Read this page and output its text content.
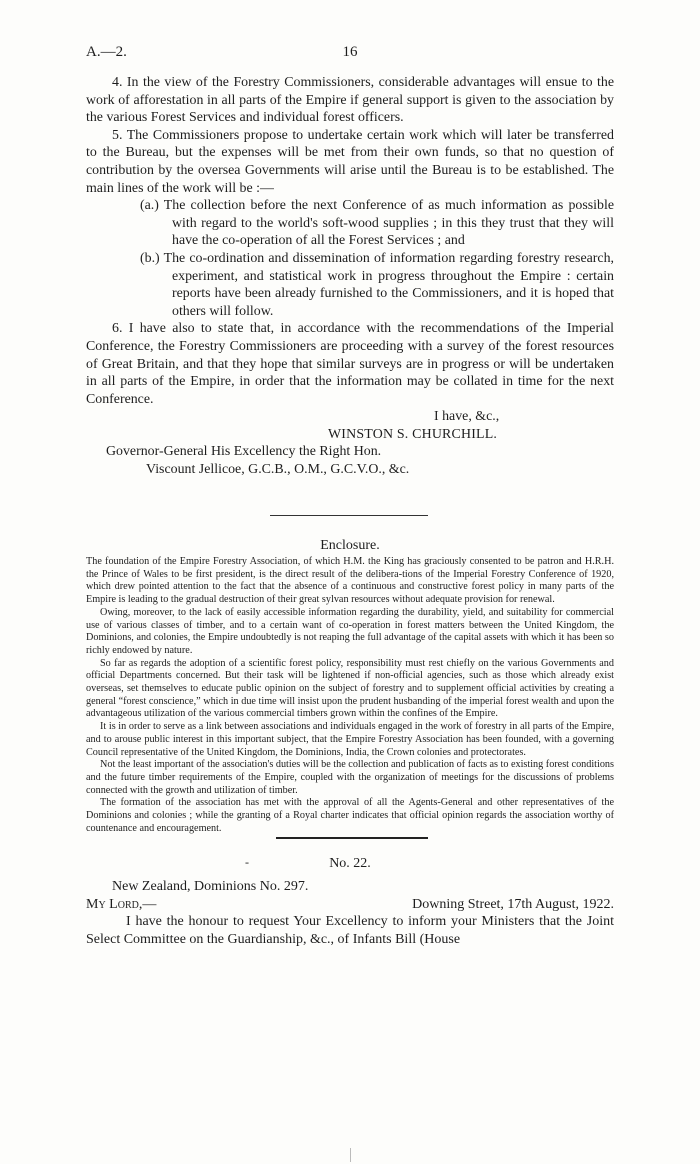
A.—2.	16

4. In the view of the Forestry Commissioners, considerable advantages will ensue to the work of afforestation in all parts of the Empire if general support is given to the association by the various Forest Services and individual forest officers.

5. The Commissioners propose to undertake certain work which will later be transferred to the Bureau, but the expenses will be met from their own funds, so that no question of contribution by the oversea Governments will arise until the Bureau is to be established. The main lines of the work will be :—

(a.) The collection before the next Conference of as much information as possible with regard to the world's soft-wood supplies ; in this they trust that they will have the co-operation of all the Forest Services ; and

(b.) The co-ordination and dissemination of information regarding forestry research, experiment, and statistical work in progress throughout the Empire : certain reports have been already furnished to the Commissioners, and it is hoped that others will follow.

6. I have also to state that, in accordance with the recommendations of the Imperial Conference, the Forestry Commissioners are proceeding with a survey of the forest resources of Great Britain, and that they hope that similar surveys are in progress or will be undertaken in all parts of the Empire, in order that the information may be collated in time for the next Conference.

I have, &c.,

WINSTON S. CHURCHILL.

Governor-General His Excellency the Right Hon.

Viscount Jellicoe, G.C.B., O.M., G.C.V.O., &c.

Enclosure.

The foundation of the Empire Forestry Association, of which H.M. the King has graciously consented to be patron and H.R.H. the Prince of Wales to be first president, is the direct result of the delibera-tions of the Imperial Forestry Conference of 1920, which drew pointed attention to the fact that the absence of a continuous and constructive forest policy in many parts of the Empire is leading to the gradual destruction of their great sylvan resources without adequate provision for renewal.

Owing, moreover, to the lack of easily accessible information regarding the durability, yield, and suitability for commercial use of various classes of timber, and to a certain want of co-operation in forest matters between the United Kingdom, the Dominions, and colonies, the Empire undoubtedly is not reaping the full advantage of the capital assets with which it has been so richly endowed by nature.

So far as regards the adoption of a scientific forest policy, responsibility must rest chiefly on the various Governments and official Departments concerned. But their task will be lightened if non-official agencies, such as those which already exist overseas, set themselves to educate public opinion on the subject of forestry and to supplement official activities by creating a general “forest conscience,” which in due time will insist upon the prudent husbanding of the imperial forest wealth and upon the advantageous utilization of the various commercial timbers grown within the confines of the Empire.

It is in order to serve as a link between associations and individuals engaged in the work of forestry in all parts of the Empire, and to arouse public interest in this important subject, that the Empire Forestry Association has been founded, with a governing Council representative of the United Kingdom, the Dominions, India, the Crown colonies and protectorates.

Not the least important of the association's duties will be the collection and publication of facts as to existing forest conditions and the future timber requirements of the Empire, coupled with the organization of meetings for the discussions of problems connected with the growth and utilization of timber.

The formation of the association has met with the approval of all the Agents-General and other representatives of the Dominions and colonies ; while the granting of a Royal charter indicates that official opinion regards the association worthy of countenance and encouragement.

-	No. 22.

New Zealand, Dominions No. 297.

My Lord,—	Downing Street, 17th August, 1922.

I have the honour to request Your Excellency to inform your Ministers that the Joint Select Committee on the Guardianship, &c., of Infants Bill (House
